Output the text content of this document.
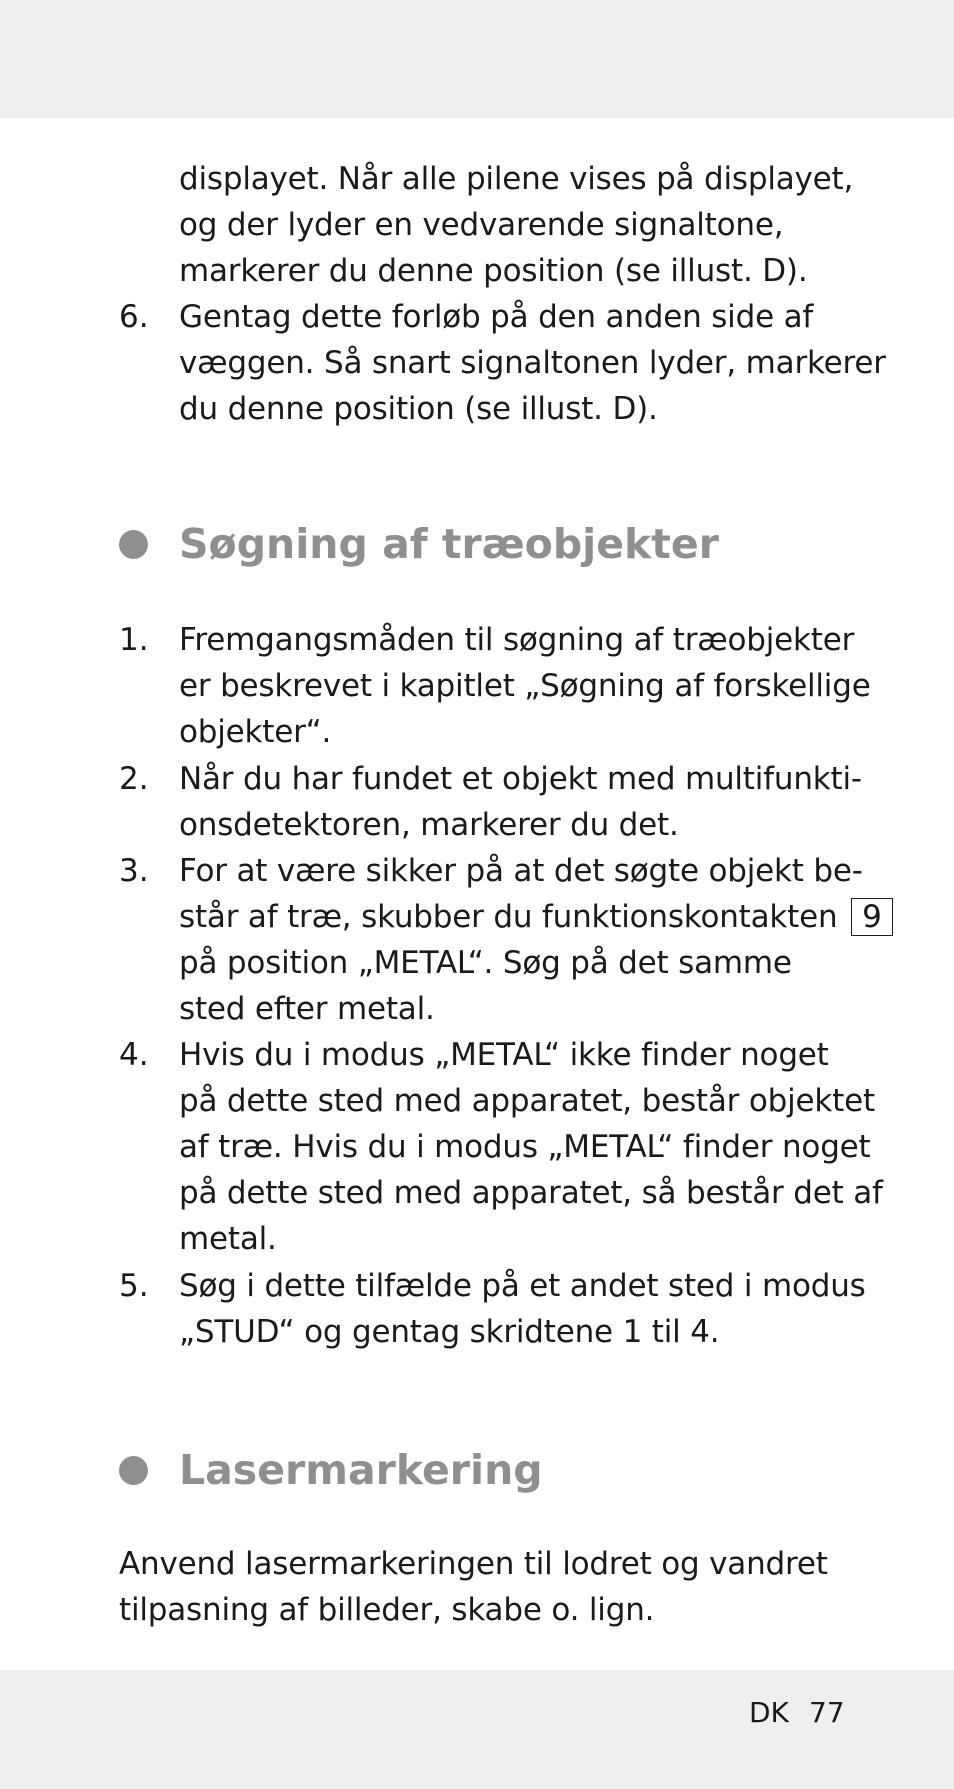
displayet. Når alle pilene vises på displayet,
og der lyder en vedvarende signaltone,
markerer du denne position (se illust. D).
6. Gentag dette forløb på den anden side af
væggen. Så snart signaltonen lyder, markerer
du denne position (se illust. D).
Søgning af træobjekter
1. Fremgangsmåden til søgning af træobjekter
er beskrevet i kapitlet „Søgning af forskellige
objekter“.
2. Når du har fundet et objekt med multifunkti-
onsdetektoren, markerer du det.
3. For at være sikker på at det søgte objekt be-
står af træ, skubber du funktionskontakten 9
på position „METAL“. Søg på det samme
sted efter metal.
4. Hvis du i modus „METAL“ ikke finder noget
på dette sted med apparatet, består objektet
af træ. Hvis du i modus „METAL“ finder noget
på dette sted med apparatet, så består det af
metal.
5. Søg i dette tilfælde på et andet sted i modus
„STUD“ og gentag skridtene 1 til 4.
Lasermarkering
Anvend lasermarkeringen til lodret og vandret
tilpasning af billeder, skabe o. lign.
DK 77
